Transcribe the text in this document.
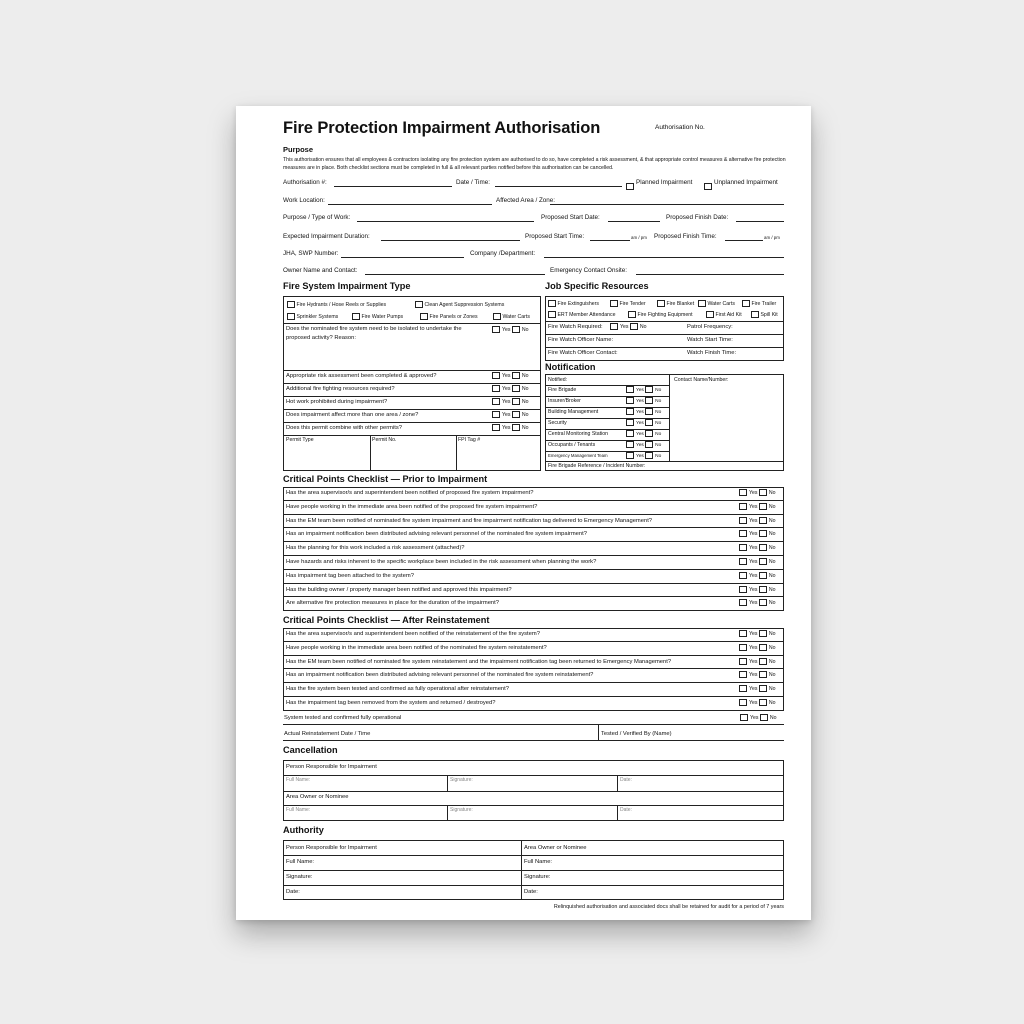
Fire Protection Impairment Authorisation	Authorisation No.
Purpose
This authorisation ensures that all employees & contractors isolating any fire protection system are authorised to do so, have completed a risk assessment, & that appropriate control measures & alternative fire protection measures are in place. Both checklist sections must be completed in full & all relevant parties notified before this authorisation can be cancelled.
Authorisation #:	Date / Time:	Planned Impairment	Unplanned Impairment
Work Location:	Affected Area / Zone:
Purpose / Type of Work:	Proposed Start Date:	Proposed Finish Date:
Expected Impairment Duration:	Proposed Start Time:	am / pm Proposed Finish Time:	am / pm
JHA, SWP Number:	Company /Department:
Owner Name and Contact:	Emergency Contact Onsite:
Fire System Impairment Type
Fire Hydrants / Hose Reels or Supplies	Clean Agent Suppression Systems
Sprinkler Systems	Fire Water Pumps	Fire Panels or Zones	Water Carts
Does the nominated fire system need to be isolated to undertake the proposed activity? Reason:
Yes No
Appropriate risk assessment been completed & approved?	Yes No
Additional fire fighting resources required?	Yes No
Hot work prohibited during impairment?	Yes No
Does impairment affect more than one area / zone?	Yes No
Does this permit combine with other permits?	Yes No
Permit Type	Permit No.	FPI Tag #
Job Specific Resources
Fire Extinguishers	Fire Tender	Fire Blanket	Water Carts	Fire Trailer
ERT Member Attendance	Fire Fighting Equipment	First Aid Kit	Spill Kit
Fire Watch Required:	Yes No	Patrol Frequency:
Fire Watch Officer Name:	Watch Start Time:
Fire Watch Officer Contact:	Watch Finish Time:
Notification
Notified:	Contact Name/Number:
Fire Brigade	Yes No
Insurer/Broker	Yes No
Building Management	Yes No
Security	Yes No
Central Monitoring Station	Yes No
Occupants / Tenants	Yes No
Emergency Management Team	Yes No
Fire Brigade Reference / Incident Number:
Critical Points Checklist — Prior to Impairment
Has the area supervisor/s and superintendent been notified of proposed fire system impairment?	Yes No
Have people working in the immediate area been notified of the proposed fire system impairment?	Yes No
Has the EM team been notified of nominated fire system impairment and fire impairment notification tag delivered to Emergency Management?	Yes No
Has an impairment notification been distributed advising relevant personnel of the nominated fire system impairment?	Yes No
Has the planning for this work included a risk assessment (attached)?	Yes No
Have hazards and risks inherent to the specific workplace been included in the risk assessment when planning the work?	Yes No
Has impairment tag been attached to the system?	Yes No
Has the building owner / property manager been notified and approved this impairment?	Yes No
Are alternative fire protection measures in place for the duration of the impairment?	Yes No
Critical Points Checklist — After Reinstatement
Has the area supervisor/s and superintendent been notified of the reinstatement of the fire system?	Yes No
Have people working in the immediate area been notified of the nominated fire system reinstatement?	Yes No
Has the EM team been notified of nominated fire system reinstatement and the impairment notification tag been returned to Emergency Management?	Yes No
Has an impairment notification been distributed advising relevant personnel of the nominated fire system reinstatement?	Yes No
Has the fire system been tested and confirmed as fully operational after reinstatement?	Yes No
Has the impairment tag been removed from the system and returned / destroyed?	Yes No
System tested and confirmed fully operational	Yes No
Actual Reinstatement Date / Time	Tested / Verified By (Name)
Cancellation
Person Responsible for Impairment
Full Name:	Signature:	Date:
Area Owner or Nominee
Full Name:	Signature:	Date:
Authority
Person Responsible for Impairment	Area Owner or Nominee
Full Name:	Full Name:
Signature:	Signature:
Date:	Date:
Relinquished authorisation and associated docs shall be retained for audit for a period of 7 years
